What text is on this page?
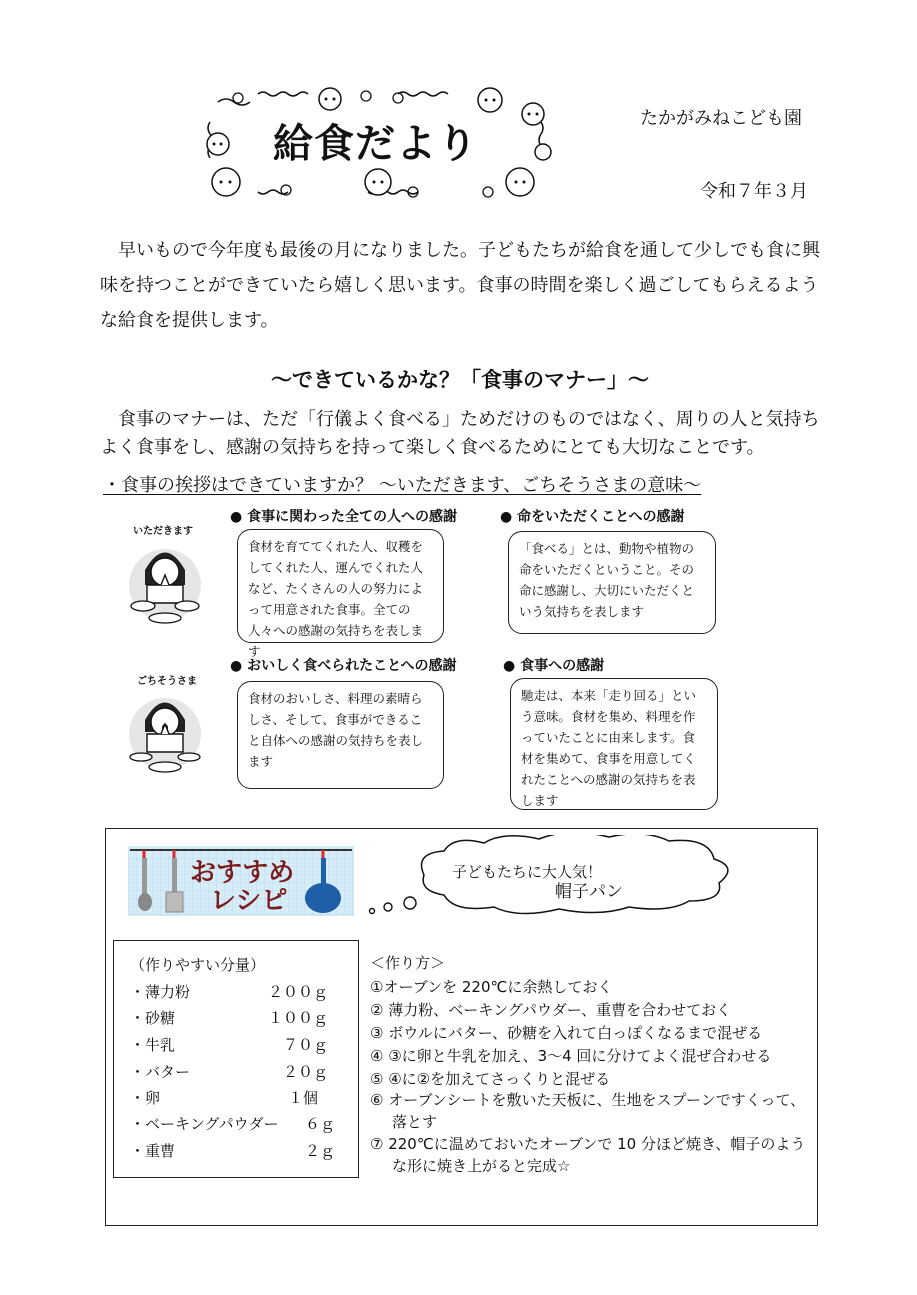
給食だより
たかがみねこども園
令和７年３月
早いもので今年度も最後の月になりました。子どもたちが給食を通して少しでも食に興味を持つことができていたら嬉しく思います。食事の時間を楽しく過ごしてもらえるような給食を提供します。
～できているかな？「食事のマナー」～
食事のマナーは、ただ「行儀よく食べる」ためだけのものではなく、周りの人と気持ちよく食事をし、感謝の気持ちを持って楽しく食べるためにとても大切なことです。
・食事の挨拶はできていますか？ ～いただきます、ごちそうさまの意味～
いただきます
ごちそうさま
● 食事に関わった全ての人への感謝
食材を育ててくれた人、収穫をしてくれた人、運んでくれた人など、たくさんの人の努力によって用意された食事。全ての人々への感謝の気持ちを表します
● 命をいただくことへの感謝
「食べる」とは、動物や植物の命をいただくということ。その命に感謝し、大切にいただくという気持ちを表します
● おいしく食べられたことへの感謝
食材のおいしさ、料理の素晴らしさ、そして、食事ができること自体への感謝の気持ちを表します
● 食事への感謝
馳走は、本来「走り回る」という意味。食材を集め、料理を作っていたことに由来します。食材を集めて、食事を用意してくれたことへの感謝の気持ちを表します
おすすめ
レシピ
子どもたちに大人気！
帽子パン
（作りやすい分量）
・薄力粉	２００ｇ
・砂糖	１００ｇ
・牛乳	７０ｇ
・バター	２０ｇ
・卵	１個
・ベーキングパウダー ６ｇ
・重曹	２ｇ
＜作り方＞
①オーブンを 220℃に余熱しておく
② 薄力粉、ベーキングパウダー、重曹を合わせておく
③ ボウルにバター、砂糖を入れて白っぽくなるまで混ぜる
④ ③に卵と牛乳を加え、3～4 回に分けてよく混ぜ合わせる
⑤ ④に②を加えてさっくりと混ぜる
⑥ オーブンシートを敷いた天板に、生地をスプーンですくって、落とす
⑦ 220℃に温めておいたオーブンで 10 分ほど焼き、帽子のような形に焼き上がると完成☆
